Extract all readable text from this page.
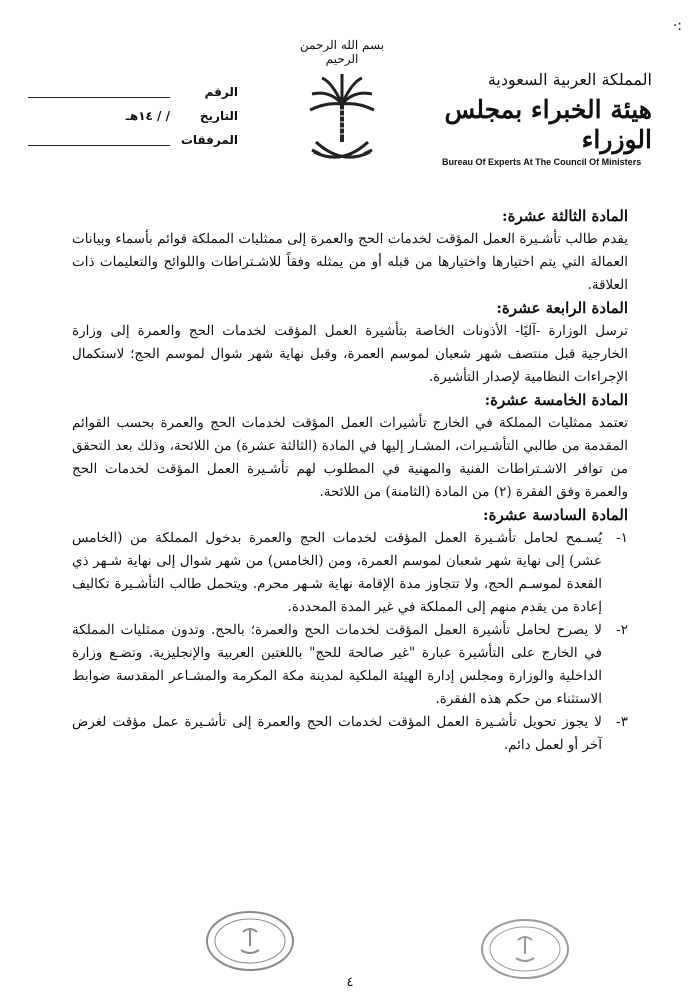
:·
المملكة العربية السعودية
هيئة الخبراء بمجلس الوزراء
Bureau Of Experts At The Council Of Ministers
بسم الله الرحمن الرحيم
الرقم
التاريخ
/ / ١٤هـ
المرفقات

المادة الثالثة عشرة:

يقدم طالب تأشـيرة العمل المؤقت لخدمات الحج والعمرة إلى ممثليات المملكة قوائم بأسماء وبيانات العمالة التي يتم اختيارها واختيارها من قبله أو من يمثله وفقاً للاشـتراطات واللوائح والتعليمات ذات العلاقة.

المادة الرابعة عشرة:

ترسل الوزارة -آليًا- الأذونات الخاصة بتأشيرة العمل المؤقت لخدمات الحج والعمرة إلى وزارة الخارجية قبل منتصف شهر شعبان لموسم العمرة، وقبل نهاية شهر شوال لموسم الحج؛ لاستكمال الإجراءات النظامية لإصدار التأشيرة.

المادة الخامسة عشرة:

تعتمد ممثليات المملكة في الخارج تأشيرات العمل المؤقت لخدمات الحج والعمرة بحسب القوائم المقدمة من طالبي التأشـيرات، المشـار إليها في المادة (الثالثة عشرة) من اللائحة، وذلك بعد التحقق من توافر الاشـتراطات الفنية والمهنية في المطلوب لهم تأشـيرة العمل المؤقت لخدمات الحج والعمرة وفق الفقرة (٢) من المادة (الثامنة) من اللائحة.

المادة السادسة عشرة:

١-
يُسـمح لحامل تأشـيرة العمل المؤقت لخدمات الحج والعمرة بدخول المملكة من (الخامس عشر) إلى نهاية شهر شعبان لموسم العمرة، ومن (الخامس) من شهر شوال إلى نهاية شـهر ذي القعدة لموسـم الحج، ولا تتجاوز مدة الإقامة نهاية شـهر محرم. ويتحمل طالب التأشـيرة تكاليف إعادة من يقدم منهم إلى المملكة في غير المدة المحددة.
٢-
لا يصرح لحامل تأشيرة العمل المؤقت لخدمات الحج والعمرة؛ بالحج. وتدون ممثليات المملكة في الخارج على التأشيرة عبارة "غير صالحة للحج" باللغتين العربية والإنجليزية. وتضـع وزارة الداخلية والوزارة ومجلس إدارة الهيئة الملكية لمدينة مكة المكرمة والمشـاعر المقدسة ضوابط الاستثناء من حكم هذه الفقرة.
٣-
لا يجوز تحويل تأشـيرة العمل المؤقت لخدمات الحج والعمرة إلى تأشـيرة عمل مؤقت لغرض آخر أو لعمل دائم.
٤
